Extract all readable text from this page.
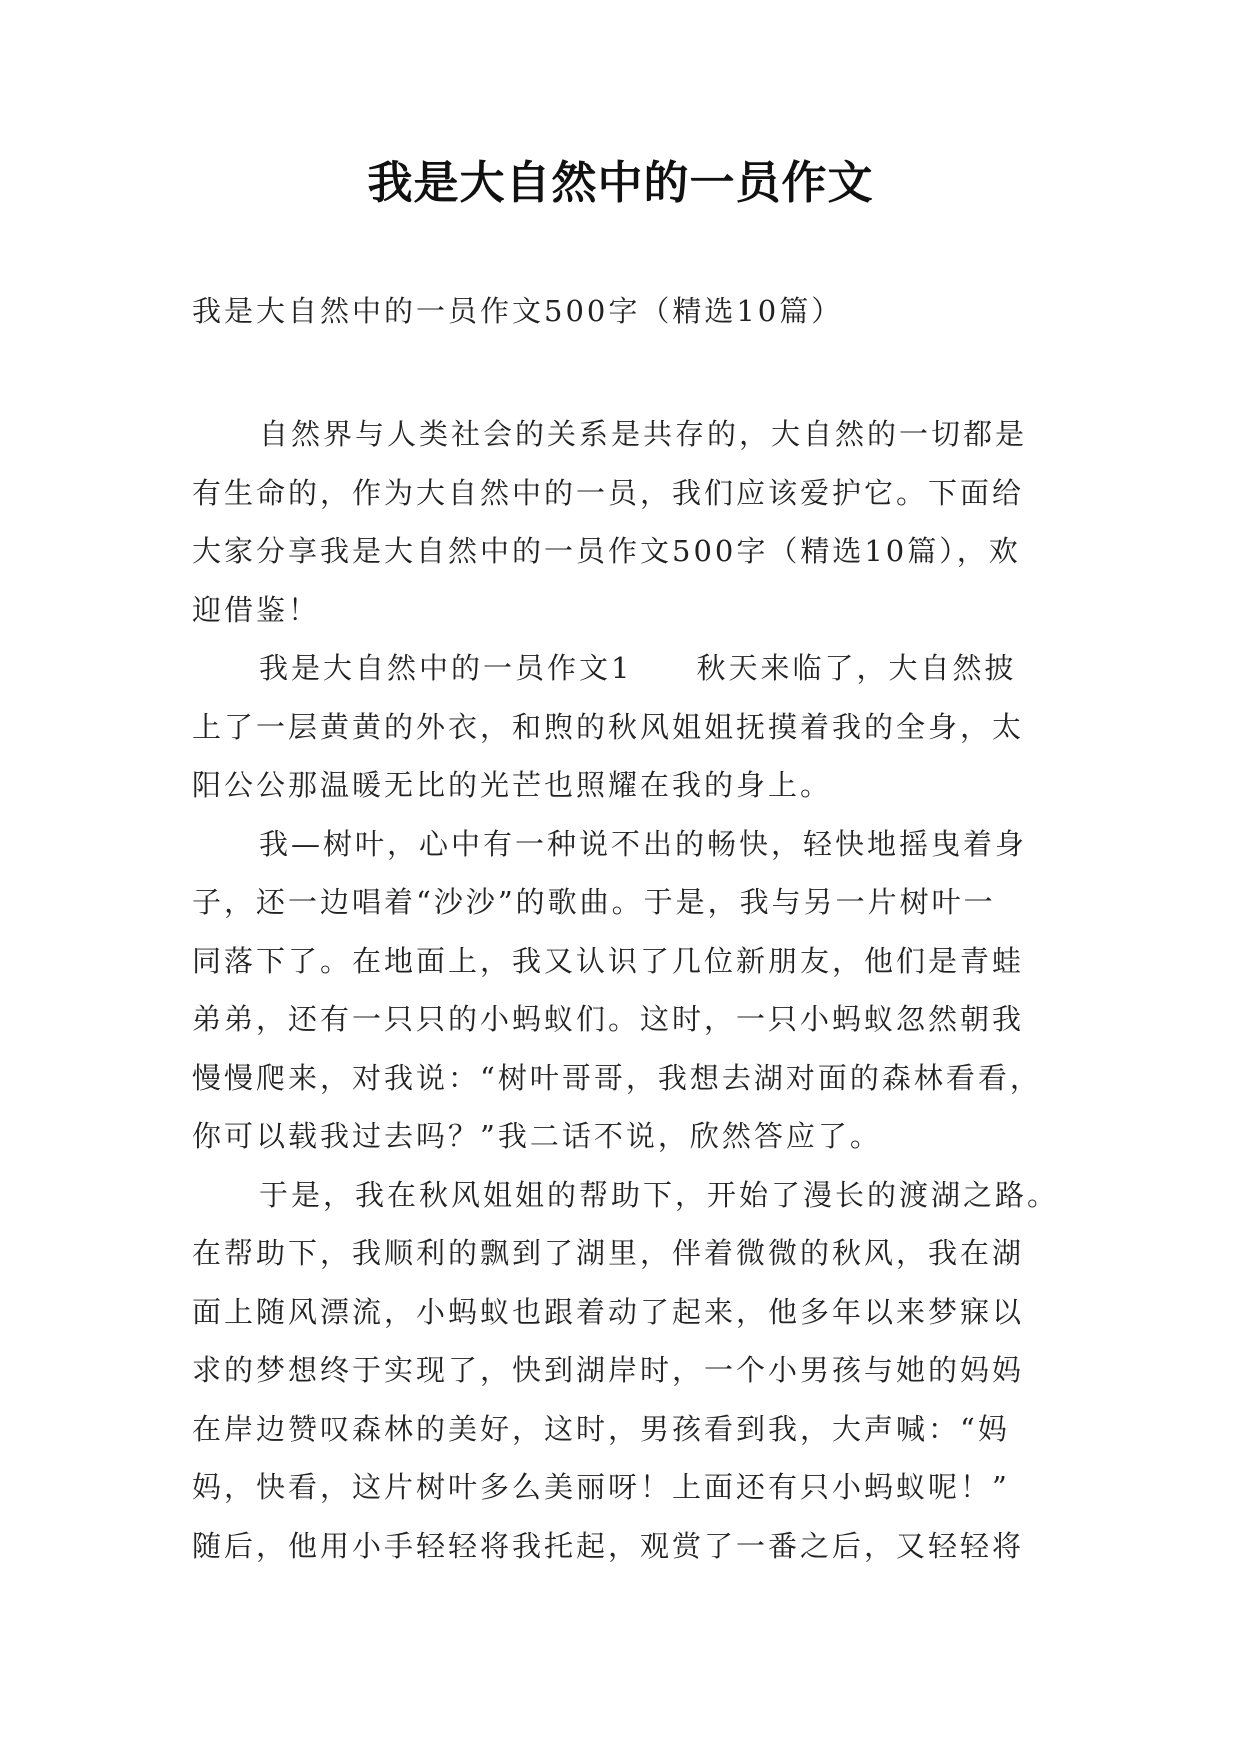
我是大自然中的一员作文
我是大自然中的一员作文500字（精选10篇）
自然界与人类社会的关系是共存的，大自然的一切都是
有生命的，作为大自然中的一员，我们应该爱护它。下面给
大家分享我是大自然中的一员作文500字（精选10篇），欢
迎借鉴！
我是大自然中的一员作文1　　秋天来临了，大自然披
上了一层黄黄的外衣，和煦的秋风姐姐抚摸着我的全身，太
阳公公那温暖无比的光芒也照耀在我的身上。
我—树叶，心中有一种说不出的畅快，轻快地摇曳着身
子，还一边唱着“沙沙”的歌曲。于是，我与另一片树叶一
同落下了。在地面上，我又认识了几位新朋友，他们是青蛙
弟弟，还有一只只的小蚂蚁们。这时，一只小蚂蚁忽然朝我
慢慢爬来，对我说：“树叶哥哥，我想去湖对面的森林看看，
你可以载我过去吗？”我二话不说，欣然答应了。
于是，我在秋风姐姐的帮助下，开始了漫长的渡湖之路。
在帮助下，我顺利的飘到了湖里，伴着微微的秋风，我在湖
面上随风漂流，小蚂蚁也跟着动了起来，他多年以来梦寐以
求的梦想终于实现了，快到湖岸时，一个小男孩与她的妈妈
在岸边赞叹森林的美好，这时，男孩看到我，大声喊：“妈
妈，快看，这片树叶多么美丽呀！上面还有只小蚂蚁呢！”
随后，他用小手轻轻将我托起，观赏了一番之后，又轻轻将
